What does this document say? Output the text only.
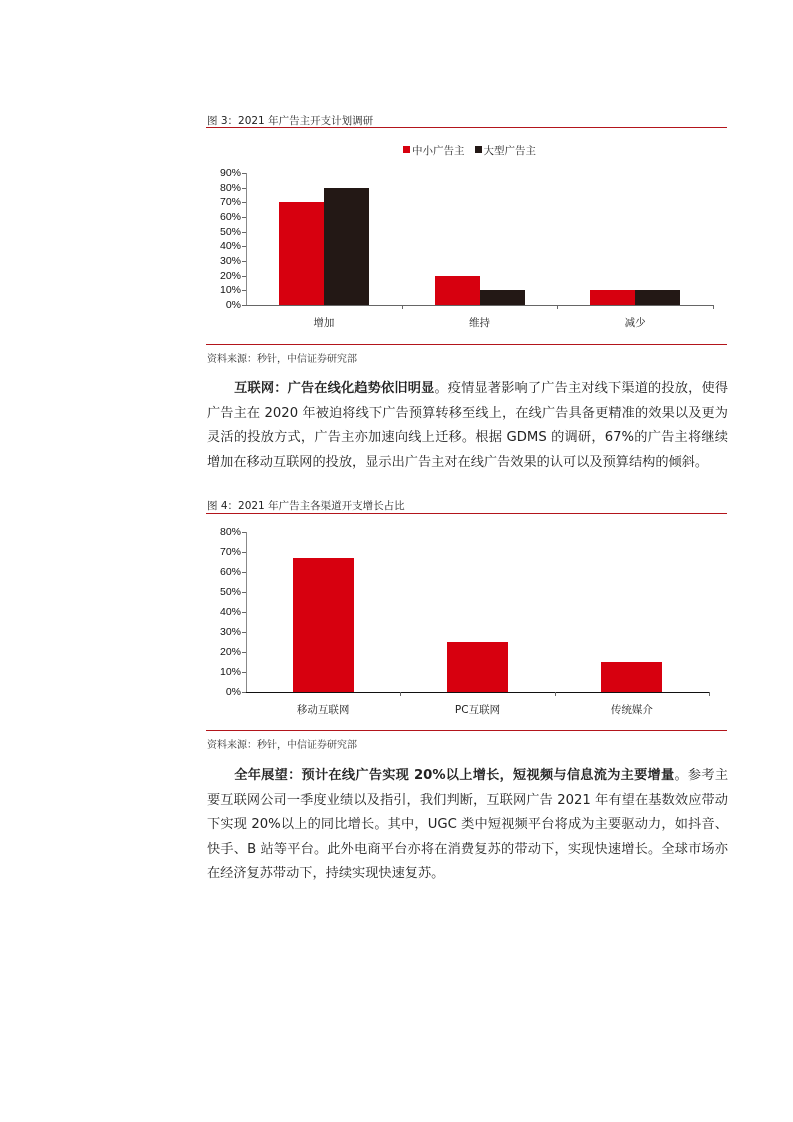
图 3：2021 年广告主开支计划调研
0%
10%
20%
30%
40%
50%
60%
70%
80%
90%
增加	维持	减少
中小广告主	大型广告主
资料来源：秒针，中信证券研究部
互联网：广告在线化趋势依旧明显。疫情显著影响了广告主对线下渠道的投放，使得广告主在 2020 年被迫将线下广告预算转移至线上，在线广告具备更精准的效果以及更为灵活的投放方式，广告主亦加速向线上迁移。根据 GDMS 的调研，67%的广告主将继续增加在移动互联网的投放，显示出广告主对在线广告效果的认可以及预算结构的倾斜。
图 4：2021 年广告主各渠道开支增长占比
0%
10%
20%
30%
40%
50%
60%
70%
80%
移动互联网	PC互联网	传统媒介
资料来源：秒针，中信证券研究部
全年展望：预计在线广告实现 20%以上增长，短视频与信息流为主要增量。参考主要互联网公司一季度业绩以及指引，我们判断，互联网广告 2021 年有望在基数效应带动下实现 20%以上的同比增长。其中，UGC 类中短视频平台将成为主要驱动力，如抖音、快手、B 站等平台。此外电商平台亦将在消费复苏的带动下，实现快速增长。全球市场亦在经济复苏带动下，持续实现快速复苏。
